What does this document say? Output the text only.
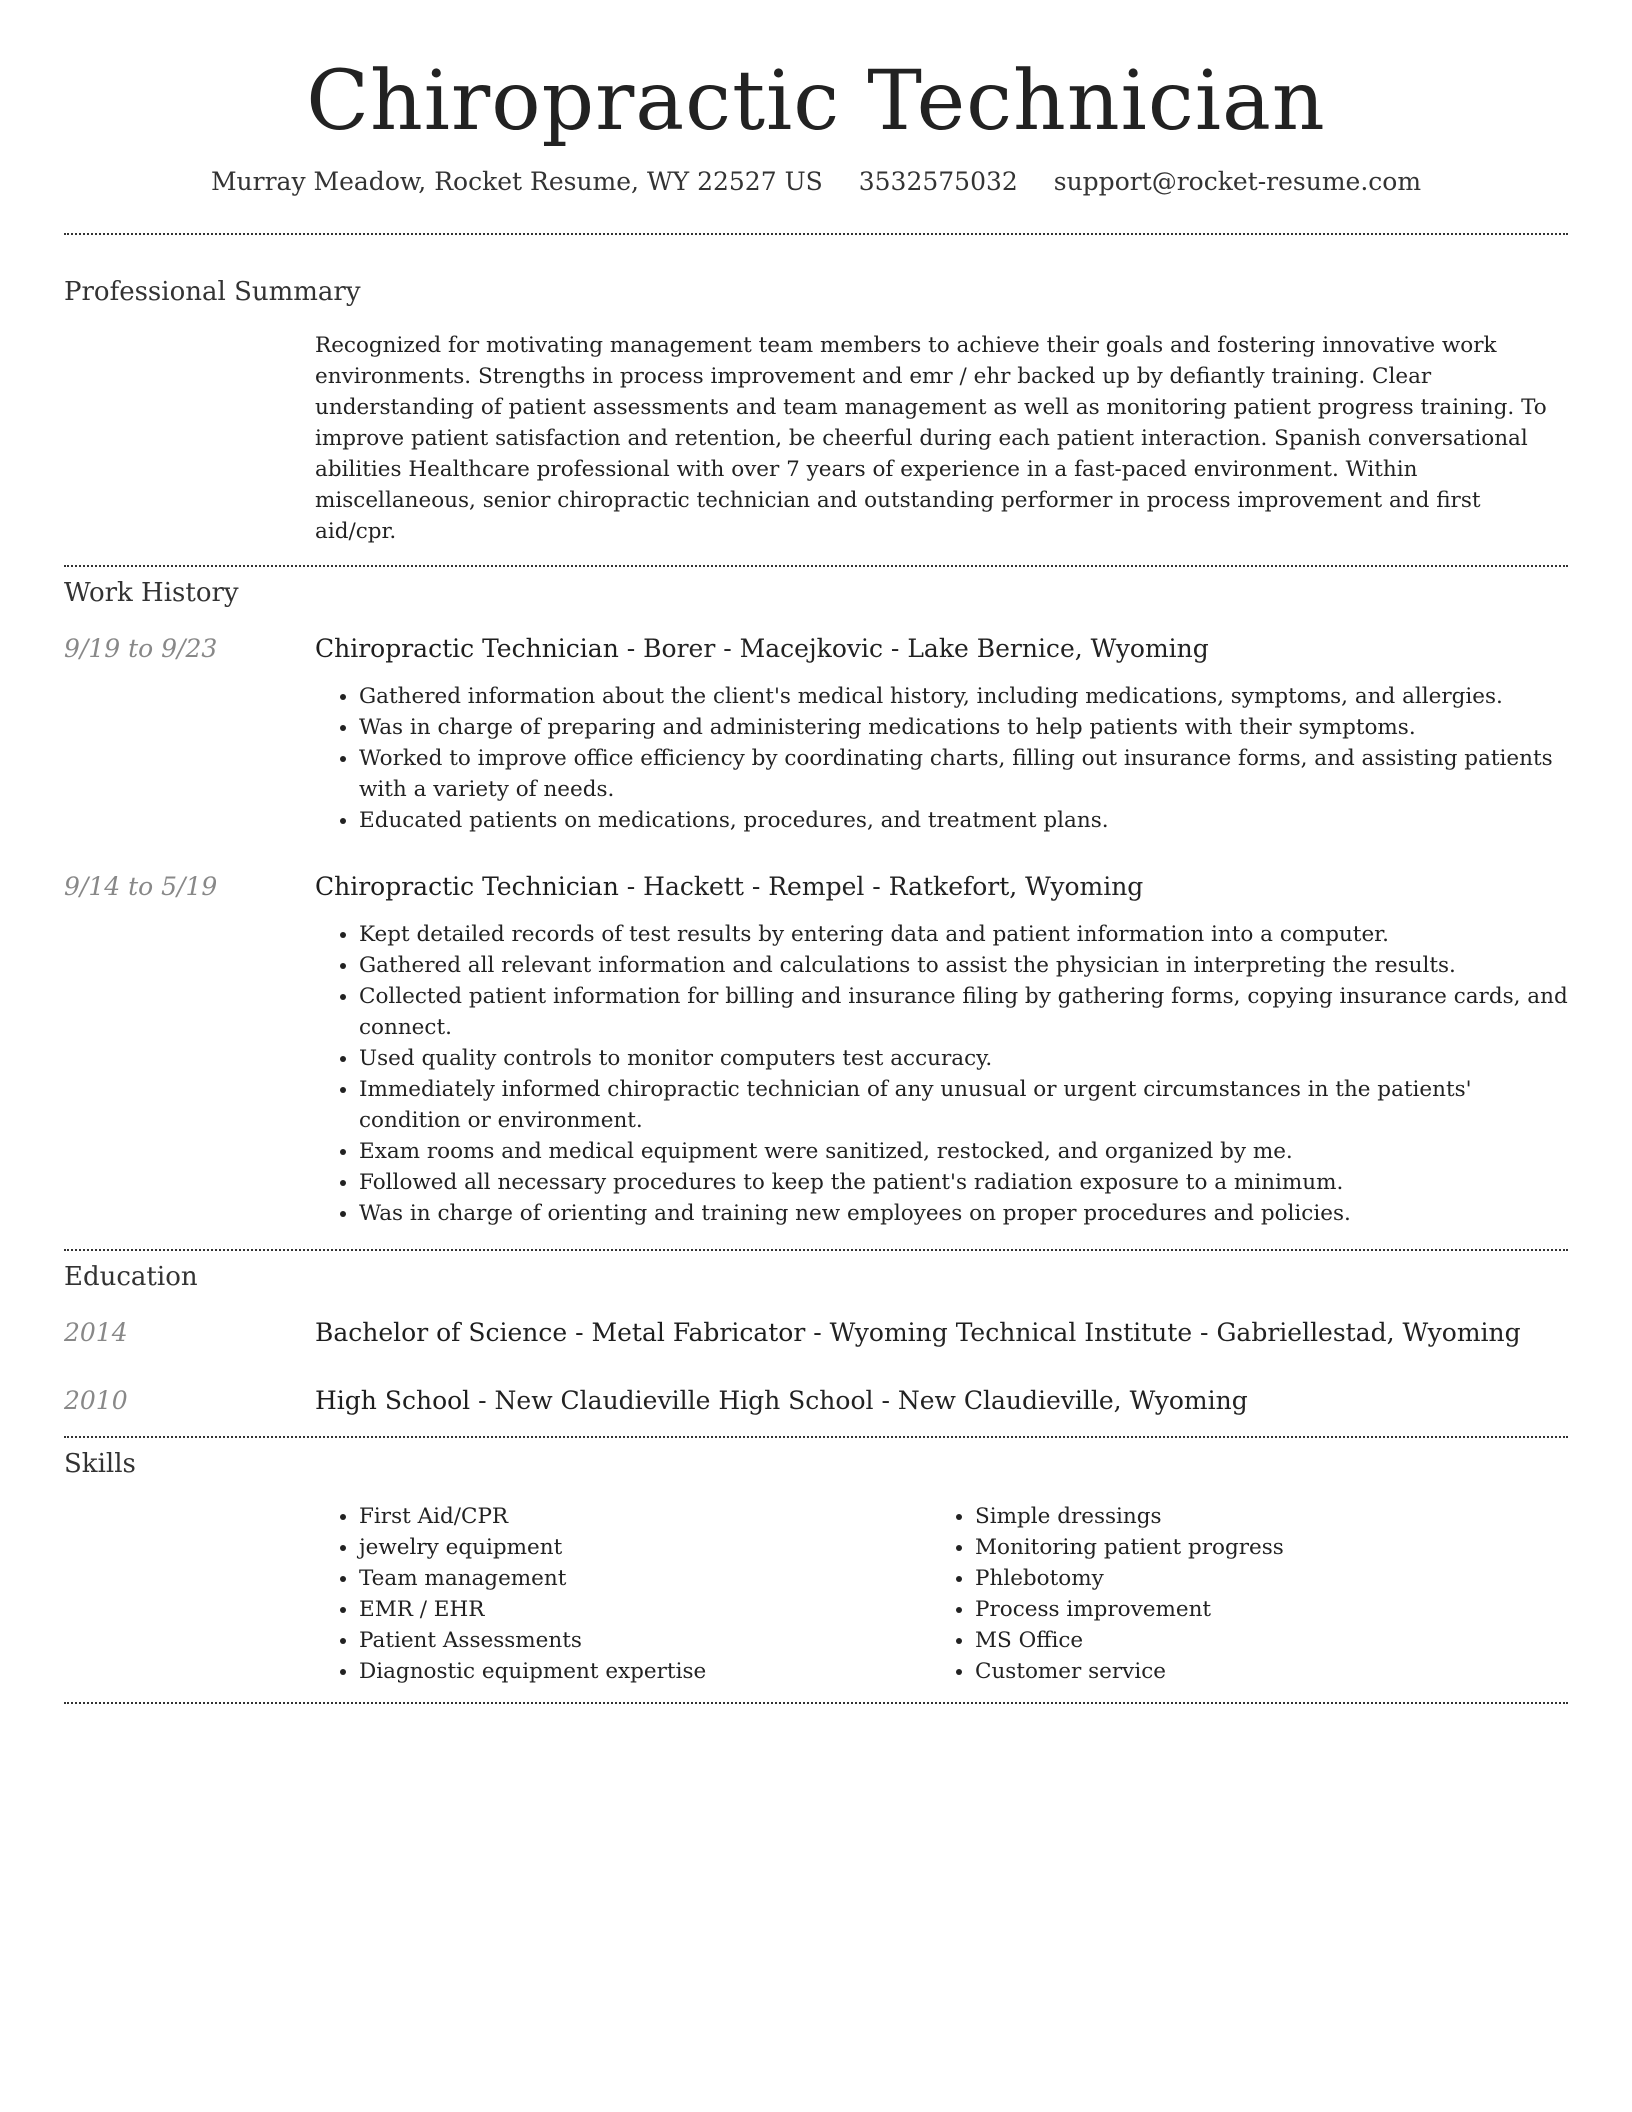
Chiropractic Technician
Murray Meadow, Rocket Resume, WY 22527 US 3532575032 support@rocket-resume.com
Professional Summary
Recognized for motivating management team members to achieve their goals and fostering innovative work environments. Strengths in process improvement and emr / ehr backed up by defiantly training. Clear understanding of patient assessments and team management as well as monitoring patient progress training. To improve patient satisfaction and retention, be cheerful during each patient interaction. Spanish conversational abilities Healthcare professional with over 7 years of experience in a fast-paced environment. Within miscellaneous, senior chiropractic technician and outstanding performer in process improvement and first aid/cpr.
Work History
9/19 to 9/23	Chiropractic Technician - Borer - Macejkovic - Lake Bernice, Wyoming
• Gathered information about the client's medical history, including medications, symptoms, and allergies.
• Was in charge of preparing and administering medications to help patients with their symptoms.
• Worked to improve office efficiency by coordinating charts, filling out insurance forms, and assisting patients with a variety of needs.
• Educated patients on medications, procedures, and treatment plans.
9/14 to 5/19	Chiropractic Technician - Hackett - Rempel - Ratkefort, Wyoming
• Kept detailed records of test results by entering data and patient information into a computer.
• Gathered all relevant information and calculations to assist the physician in interpreting the results.
• Collected patient information for billing and insurance filing by gathering forms, copying insurance cards, and connect.
• Used quality controls to monitor computers test accuracy.
• Immediately informed chiropractic technician of any unusual or urgent circumstances in the patients' condition or environment.
• Exam rooms and medical equipment were sanitized, restocked, and organized by me.
• Followed all necessary procedures to keep the patient's radiation exposure to a minimum.
• Was in charge of orienting and training new employees on proper procedures and policies.
Education
2014	Bachelor of Science - Metal Fabricator - Wyoming Technical Institute - Gabriellestad, Wyoming
2010	High School - New Claudieville High School - New Claudieville, Wyoming
Skills
• First Aid/CPR
• jewelry equipment
• Team management
• EMR / EHR
• Patient Assessments
• Diagnostic equipment expertise
• Simple dressings
• Monitoring patient progress
• Phlebotomy
• Process improvement
• MS Office
• Customer service
